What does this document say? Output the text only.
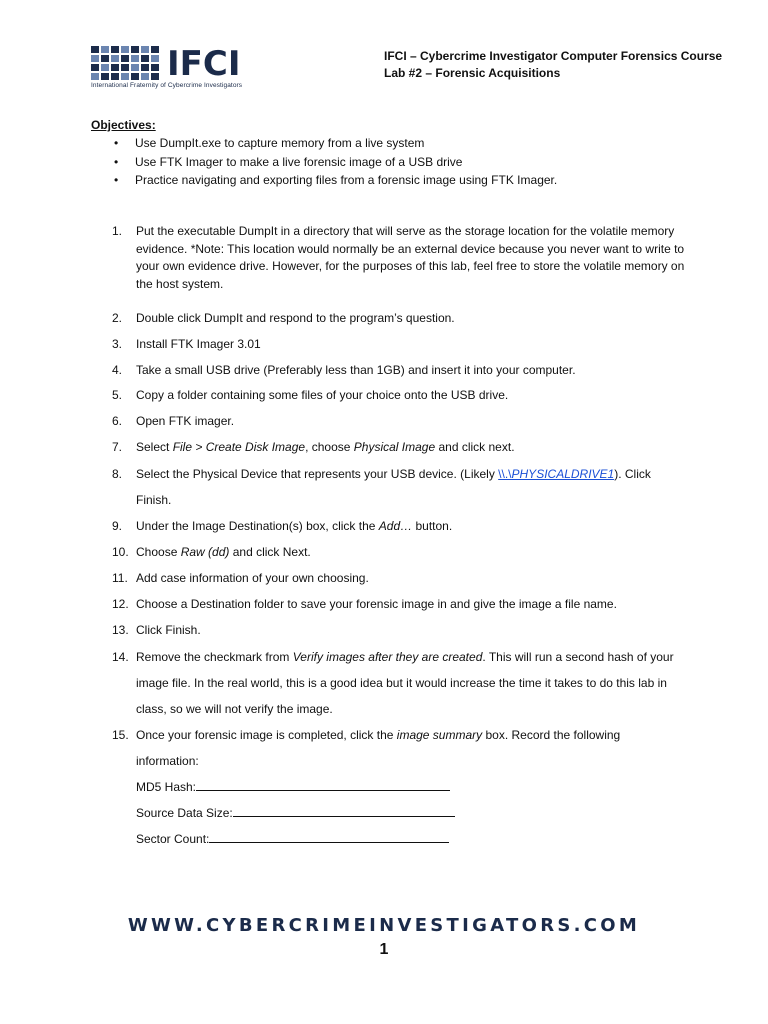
IFCI
International Fraternity of Cybercrime Investigators
IFCI – Cybercrime Investigator Computer Forensics Course
Lab #2 – Forensic Acquisitions
Objectives:
• Use DumpIt.exe to capture memory from a live system
• Use FTK Imager to make a live forensic image of a USB drive
• Practice navigating and exporting files from a forensic image using FTK Imager.
1.	Put the executable DumpIt in a directory that will serve as the storage location for the volatile memory evidence. *Note: This location would normally be an external device because you never want to write to your own evidence drive. However, for the purposes of this lab, feel free to store the volatile memory on the host system.
2.	Double click DumpIt and respond to the program’s question.
3.	Install FTK Imager 3.01
4.	Take a small USB drive (Preferably less than 1GB) and insert it into your computer.
5.	Copy a folder containing some files of your choice onto the USB drive.
6.	Open FTK imager.
7.	Select File > Create Disk Image, choose Physical Image and click next.
8.	Select the Physical Device that represents your USB device. (Likely \\.\PHYSICALDRIVE1). Click Finish.
9.	Under the Image Destination(s) box, click the Add… button.
10. Choose Raw (dd) and click Next.
11. Add case information of your own choosing.
12. Choose a Destination folder to save your forensic image in and give the image a file name.
13. Click Finish.
14. Remove the checkmark from Verify images after they are created. This will run a second hash of your image file. In the real world, this is a good idea but it would increase the time it takes to do this lab in class, so we will not verify the image.
15. Once your forensic image is completed, click the image summary box. Record the following information:
MD5 Hash:
Source Data Size:
Sector Count:
WWW.CYBERCRIMEINVESTIGATORS.COM
1
